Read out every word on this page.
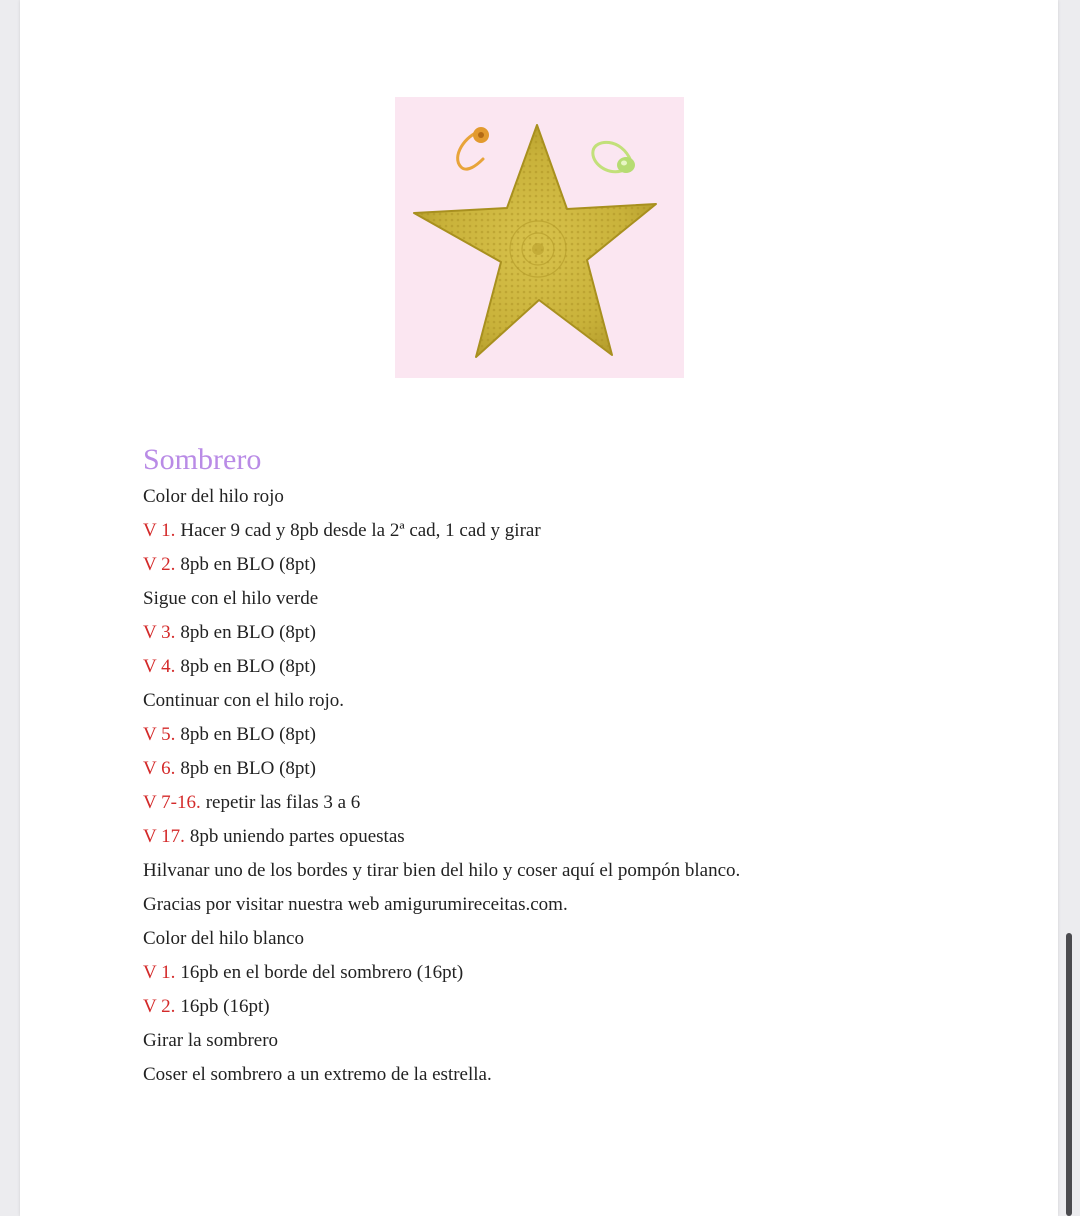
Sombrero
Color del hilo rojo
V 1. Hacer 9 cad y 8pb desde la 2ª cad, 1 cad y girar
V 2. 8pb en BLO (8pt)
Sigue con el hilo verde
V 3. 8pb en BLO (8pt)
V 4. 8pb en BLO (8pt)
Continuar con el hilo rojo.
V 5. 8pb en BLO (8pt)
V 6. 8pb en BLO (8pt)
V 7-16. repetir las filas 3 a 6
V 17. 8pb uniendo partes opuestas
Hilvanar uno de los bordes y tirar bien del hilo y coser aquí el pompón blanco.
Gracias por visitar nuestra web amigurumireceitas.com.
Color del hilo blanco
V 1. 16pb en el borde del sombrero (16pt)
V 2. 16pb (16pt)
Girar la sombrero
Coser el sombrero a un extremo de la estrella.
